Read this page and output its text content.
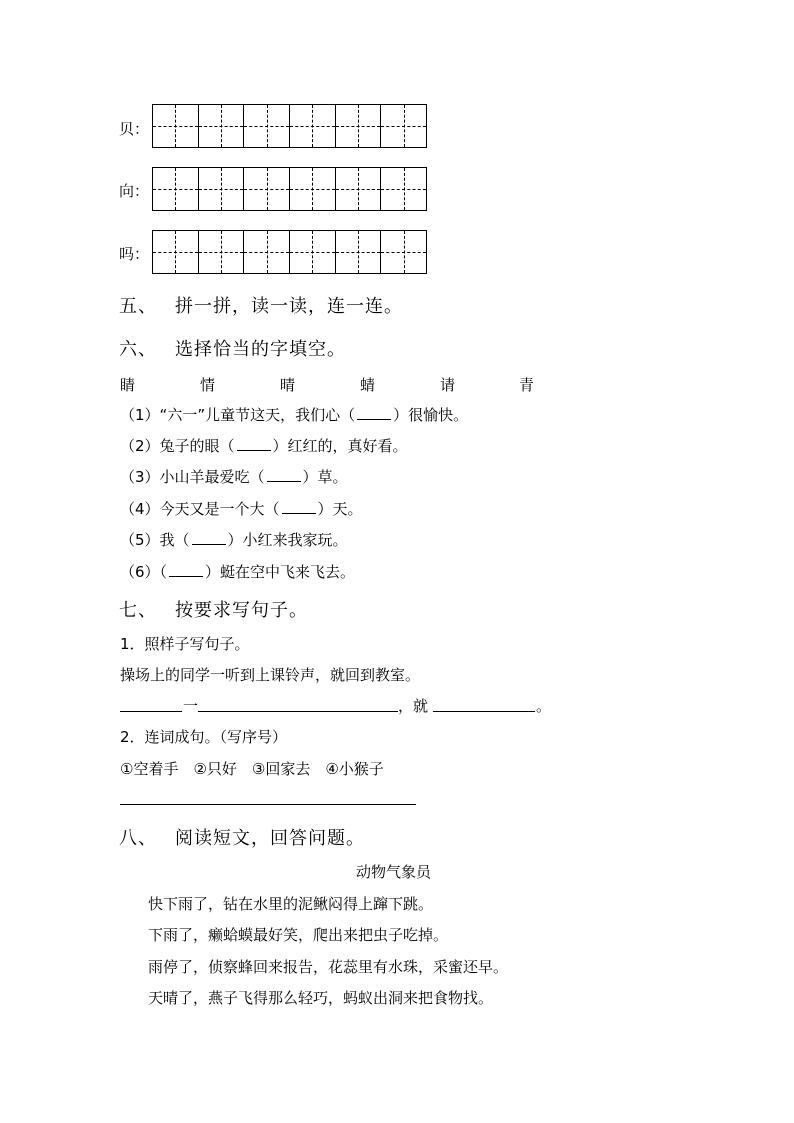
贝：
向：
吗：
五、 拼一拼，读一读，连一连。
六、 选择恰当的字填空。
睛	情	晴	蜻	请	青
（1）“六一”儿童节这天，我们心（	）很愉快。
（2）兔子的眼（	）红红的，真好看。
（3）小山羊最爱吃（	）草。
（4）今天又是一个大（	）天。
（5）我（	）小红来我家玩。
（6）（	）蜓在空中飞来飞去。
七、 按要求写句子。
1．照样子写句子。
操场上的同学一听到上课铃声，就回到教室。
一	，就	。
2．连词成句。（写序号）
①空着手　②只好　③回家去　④小猴子
八、 阅读短文，回答问题。
动物气象员
快下雨了，钻在水里的泥鳅闷得上蹿下跳。
下雨了，癞蛤蟆最好笑，爬出来把虫子吃掉。
雨停了，侦察蜂回来报告，花蕊里有水珠，采蜜还早。
天晴了，燕子飞得那么轻巧，蚂蚁出洞来把食物找。
